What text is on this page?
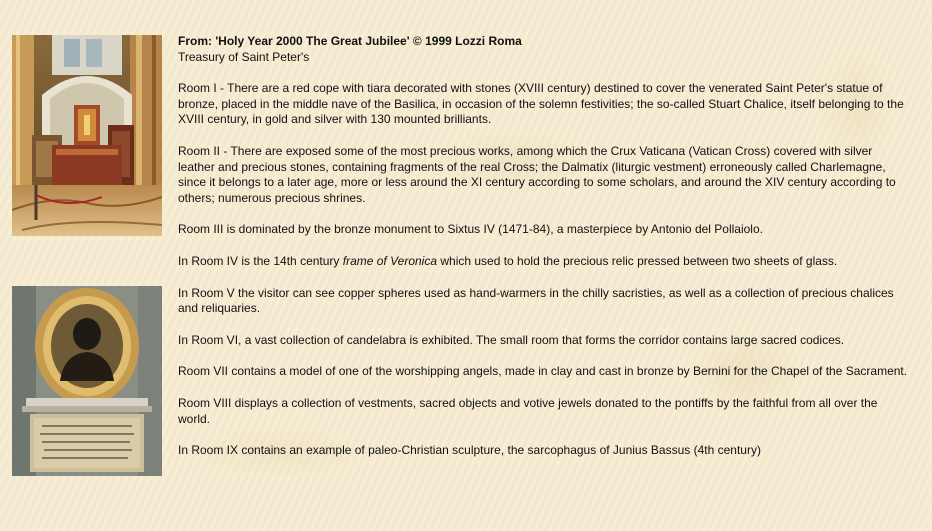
From: 'Holy Year 2000 The Great Jubilee' © 1999 Lozzi Roma

Treasury of Saint Peter's

Room I - There are a red cope with tiara decorated with stones (XVIII century) destined to cover the venerated Saint Peter's statue of bronze, placed in the middle nave of the Basilica, in occasion of the solemn festivities; the so-called Stuart Chalice, itself belonging to the XVIII century, in gold and silver with 130 mounted brilliants.

Room II - There are exposed some of the most precious works, among which the Crux Vaticana (Vatican Cross) covered with silver leather and precious stones, containing fragments of the real Cross; the Dalmatix (liturgic vestment) erroneously called Charlemagne, since it belongs to a later age, more or less around the XI century according to some scholars, and around the XIV century according to others; numerous precious shrines.

Room III is dominated by the bronze monument to Sixtus IV (1471-84), a masterpiece by Antonio del Pollaiolo.

In Room IV is the 14th century frame of Veronica which used to hold the precious relic pressed between two sheets of glass.

In Room V the visitor can see copper spheres used as hand-warmers in the chilly sacristies, as well as a collection of precious chalices and reliquaries.

In Room VI, a vast collection of candelabra is exhibited. The small room that forms the corridor contains large sacred codices.

Room VII contains a model of one of the worshipping angels, made in clay and cast in bronze by Bernini for the Chapel of the Sacrament.

Room VIII displays a collection of vestments, sacred objects and votive jewels donated to the pontiffs by the faithful from all over the world.

In Room IX contains an example of paleo-Christian sculpture, the sarcophagus of Junius Bassus (4th century)
